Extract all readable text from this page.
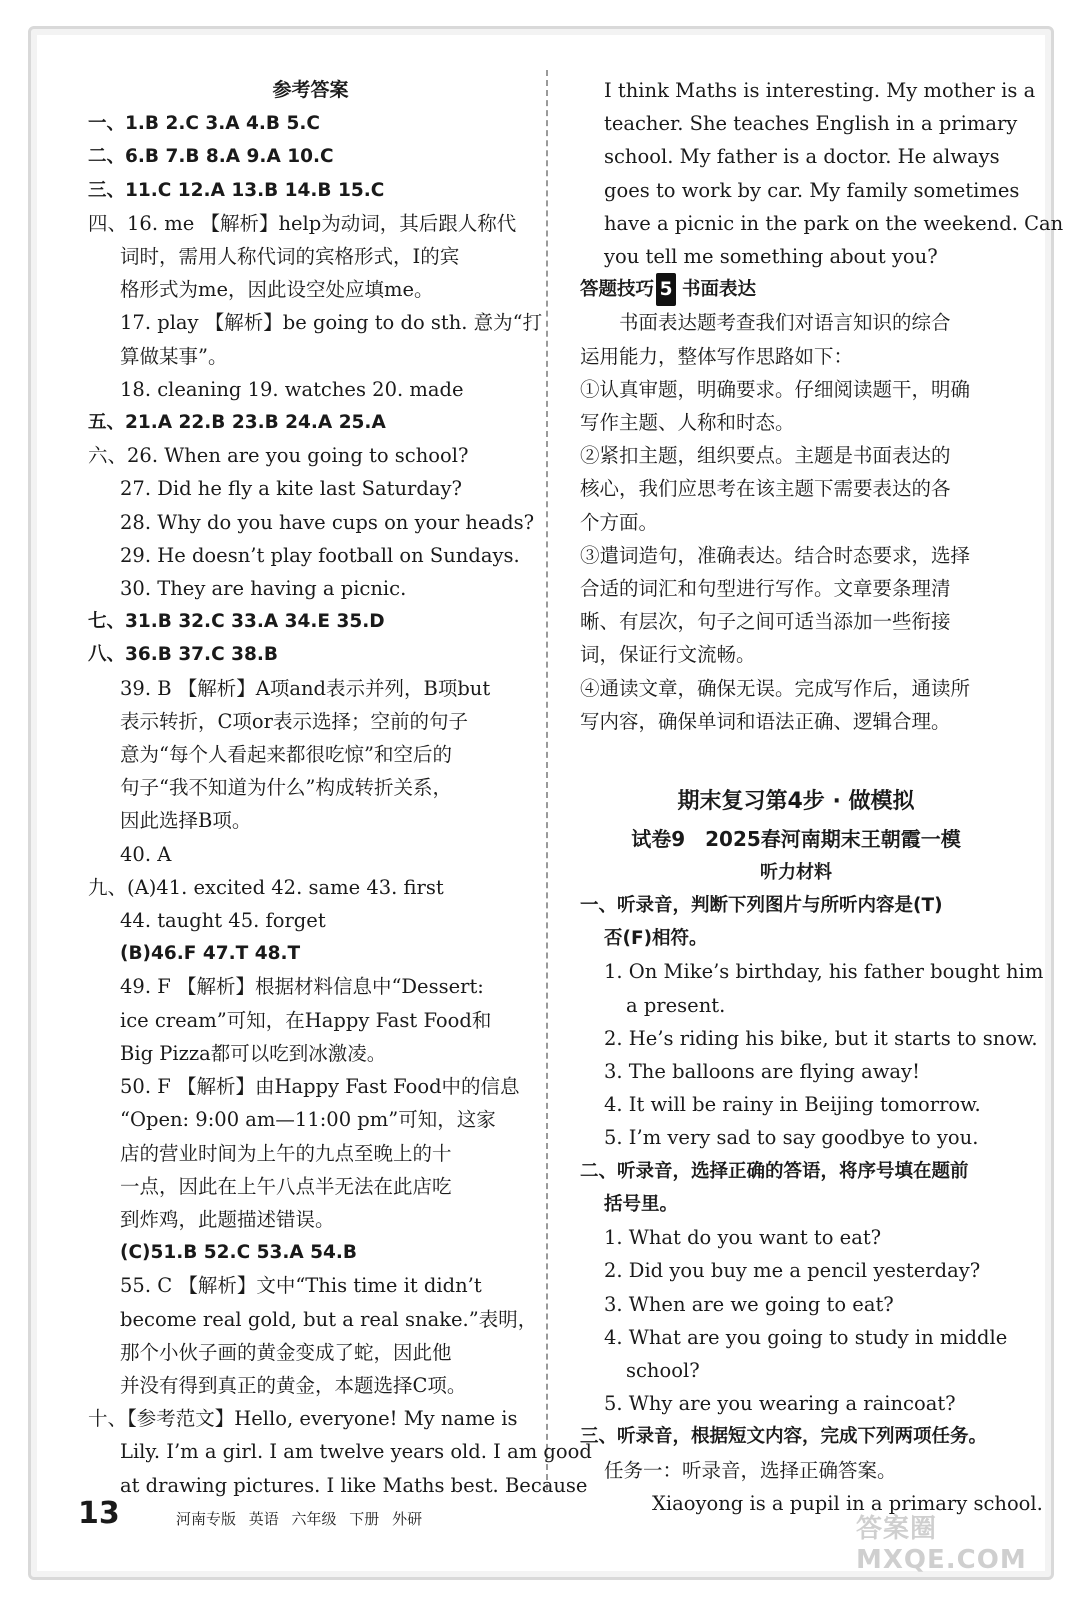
参考答案
一、1.B 2.C 3.A 4.B 5.C
二、6.B 7.B 8.A 9.A 10.C
三、11.C 12.A 13.B 14.B 15.C
四、16. me 【解析】help为动词，其后跟人称代
词时，需用人称代词的宾格形式，I的宾
格形式为me，因此设空处应填me。
17. play 【解析】be going to do sth. 意为“打
算做某事”。
18. cleaning 19. watches 20. made
五、21.A 22.B 23.B 24.A 25.A
六、26. When are you going to school?
27. Did he fly a kite last Saturday?
28. Why do you have cups on your heads?
29. He doesn’t play football on Sundays.
30. They are having a picnic.
七、31.B 32.C 33.A 34.E 35.D
八、36.B 37.C 38.B
39. B 【解析】A项and表示并列，B项but
表示转折，C项or表示选择；空前的句子
意为“每个人看起来都很吃惊”和空后的
句子“我不知道为什么”构成转折关系，
因此选择B项。
40. A
九、(A)41. excited 42. same 43. first
44. taught 45. forget
(B)46.F 47.T 48.T
49. F 【解析】根据材料信息中“Dessert:
ice cream”可知，在Happy Fast Food和
Big Pizza都可以吃到冰激凌。
50. F 【解析】由Happy Fast Food中的信息
“Open: 9:00 am—11:00 pm”可知，这家
店的营业时间为上午的九点至晚上的十
一点，因此在上午八点半无法在此店吃
到炸鸡，此题描述错误。
(C)51.B 52.C 53.A 54.B
55. C 【解析】文中“This time it didn’t
become real gold, but a real snake.”表明，
那个小伙子画的黄金变成了蛇，因此他
并没有得到真正的黄金，本题选择C项。
十、【参考范文】Hello, everyone! My name is
Lily. I’m a girl. I am twelve years old. I am good
at drawing pictures. I like Maths best. Because
I think Maths is interesting. My mother is a
teacher. She teaches English in a primary
school. My father is a doctor. He always
goes to work by car. My family sometimes
have a picnic in the park on the weekend. Can
you tell me something about you?
答题技巧 5 书面表达
书面表达题考查我们对语言知识的综合
运用能力，整体写作思路如下：
①认真审题，明确要求。仔细阅读题干，明确
写作主题、人称和时态。
②紧扣主题，组织要点。主题是书面表达的
核心，我们应思考在该主题下需要表达的各
个方面。
③遣词造句，准确表达。结合时态要求，选择
合适的词汇和句型进行写作。文章要条理清
晰、有层次，句子之间可适当添加一些衔接
词，保证行文流畅。
④通读文章，确保无误。完成写作后，通读所
写内容，确保单词和语法正确、逻辑合理。
期末复习第4步 · 做模拟
试卷9　2025春河南期末王朝霞一模
听力材料
一、听录音，判断下列图片与所听内容是(T)
否(F)相符。
1. On Mike’s birthday, his father bought him
a present.
2. He’s riding his bike, but it starts to snow.
3. The balloons are flying away!
4. It will be rainy in Beijing tomorrow.
5. I’m very sad to say goodbye to you.
二、听录音，选择正确的答语，将序号填在题前
括号里。
1. What do you want to eat?
2. Did you buy me a pencil yesterday?
3. When are we going to eat?
4. What are you going to study in middle
school?
5. Why are you wearing a raincoat?
三、听录音，根据短文内容，完成下列两项任务。
任务一：听录音，选择正确答案。
Xiaoyong is a pupil in a primary school.
13	河南专版 英语 六年级 下册 外研	答案圈 MXQE.COM
